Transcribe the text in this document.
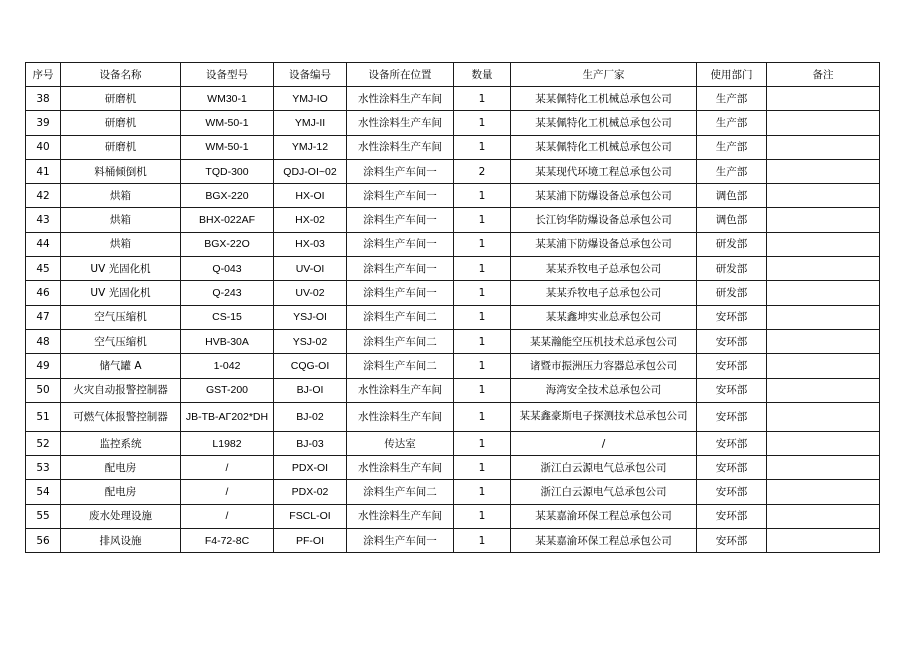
序号	设备名称	设备型号	设备编号	设备所在位置	数量	生产厂家	使用部门	备注
38	研磨机	WM30-1	YMJ-IO	水性涂料生产车间	1	某某佩特化工机械总承包公司	生产部	
39	研磨机	WM-50-1	YMJ-II	水性涂料生产车间	1	某某佩特化工机械总承包公司	生产部	
40	研磨机	WM-50-1	YMJ-12	水性涂料生产车间	1	某某佩特化工机械总承包公司	生产部	
41	料桶倾倒机	TQD-300	QDJ-OI~02	涂料生产车间一	2	某某现代环境工程总承包公司	生产部	
42	烘箱	BGX-220	HX-OI	涂料生产车间一	1	某某浦下防爆设备总承包公司	调色部	
43	烘箱	BHX-022AF	HX-02	涂料生产车间一	1	长江钧华防爆设备总承包公司	调色部	
44	烘箱	BGX-22O	HX-03	涂料生产车间一	1	某某浦下防爆设备总承包公司	研发部	
45	UV 光固化机	Q-043	UV-OI	涂料生产车间一	1	某某乔牧电子总承包公司	研发部	
46	UV 光固化机	Q-243	UV-02	涂料生产车间一	1	某某乔牧电子总承包公司	研发部	
47	空气压缩机	CS-15	YSJ-OI	涂料生产车间二	1	某某鑫坤实业总承包公司	安环部	
48	空气压缩机	HVB-30A	YSJ-02	涂料生产车间二	1	某某瀚能空压机技术总承包公司	安环部	
49	储气罐 A	1-042	CQG-OI	涂料生产车间二	1	诸暨市振洲压力容器总承包公司	安环部	
50	火灾自动报警控制器	GST-200	BJ-OI	水性涂料生产车间	1	海湾安全技术总承包公司	安环部	
51	可燃气体报警控制器	JB-TB-AΓ202*DH	BJ-02	水性涂料生产车间	1	某某鑫豪斯电子探测技术总承包公司	安环部	
52	监控系统	L1982	BJ-03	传达室	1	/	安环部	
53	配电房	/	PDX-OI	水性涂料生产车间	1	浙江白云源电气总承包公司	安环部	
54	配电房	/	PDX-02	涂料生产车间二	1	浙江白云源电气总承包公司	安环部	
55	废水处理设施	/	FSCL-OI	水性涂料生产车间	1	某某嘉渝环保工程总承包公司	安环部	
56	排风设施	F4-72-8C	PF-OI	涂料生产车间一	1	某某嘉渝环保工程总承包公司	安环部	
